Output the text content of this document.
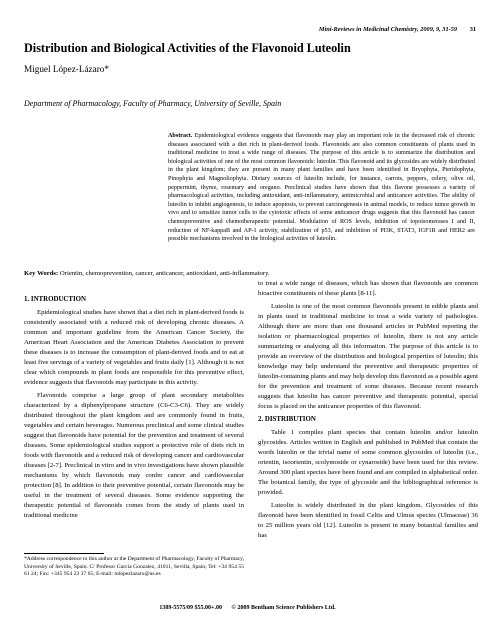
Mini-Reviews in Medicinal Chemistry, 2009, 9, 31-59 31
Distribution and Biological Activities of the Flavonoid Luteolin
Miguel López-Lázaro*
Department of Pharmacology, Faculty of Pharmacy, University of Seville, Spain
Abstract. Epidemiological evidence suggests that flavonoids may play an important role in the decreased risk of chronic diseases associated with a diet rich in plant-derived foods. Flavonoids are also common constituents of plants used in traditional medicine to treat a wide range of diseases. The purpose of this article is to summarize the distribution and biological activities of one of the most common flavonoids: luteolin. This flavonoid and its glycosides are widely distributed in the plant kingdom; they are present in many plant families and have been identified in Bryophyta, Pteridophyta, Pinophyta and Magnoliophyta. Dietary sources of luteolin include, for instance, carrots, peppers, celery, olive oil, peppermint, thyme, rosemary and oregano. Preclinical studies have shown that this flavone possesses a variety of pharmacological activities, including antioxidant, anti-inflammatory, antimicrobial and anticancer activities. The ability of luteolin to inhibit angiogenesis, to induce apoptosis, to prevent carcinogenesis in animal models, to reduce tumor growth in vivo and to sensitize tumor cells to the cytotoxic effects of some anticancer drugs suggests that this flavonoid has cancer chemopreventive and chemotherapeutic potential. Modulation of ROS levels, inhibition of topoisomerases I and II, reduction of NF-kappaB and AP-1 activity, stabilization of p53, and inhibition of PI3K, STAT3, IGF1R and HER2 are possible mechanisms involved in the biological activities of luteolin.
Key Words: Orientin, chemoprevention, cancer, anticancer, antioxidant, anti-inflammatory.
1. INTRODUCTION

Epidemiological studies have shown that a diet rich in plant-derived foods is consistently associated with a reduced risk of developing chronic diseases. A common and important guideline from the American Cancer Society, the American Heart Association and the American Diabetes Association to prevent these diseases is to increase the consumption of plant-derived foods and to eat at least five servings of a variety of vegetables and fruits daily [1]. Although it is not clear which compounds in plant foods are responsible for this preventive effect, evidence suggests that flavonoids may participate in this activity.

Flavonoids comprise a large group of plant secondary metabolites characterized by a diphenylpropane structure (C6-C3-C6). They are widely distributed throughout the plant kingdom and are commonly found in fruits, vegetables and certain beverages. Numerous preclinical and some clinical studies suggest that flavonoids have potential for the prevention and treatment of several diseases. Some epidemiological studies support a protective role of diets rich in foods with flavonoids and a reduced risk of developing cancer and cardiovascular diseases [2-7]. Preclinical in vitro and in vivo investigations have shown plausible mechanisms by which flavonoids may confer cancer and cardiovascular protection [8]. In addition to their preventive potential, certain flavonoids may be useful in the treatment of several diseases. Some evidence supporting the therapeutic potential of flavonoids comes from the study of plants used in traditional medicine

to treat a wide range of diseases, which has shown that flavonoids are common bioactive constituents of these plants [8-11].

Luteolin is one of the most common flavonoids present in edible plants and in plants used in traditional medicine to treat a wide variety of pathologies. Although there are more than one thousand articles in PubMed reporting the isolation or pharmacological properties of luteolin, there is not any article summarizing or analyzing all this information. The purpose of this article is to provide an overview of the distribution and biological properties of luteolin; this knowledge may help understand the preventive and therapeutic properties of luteolin-containing plants and may help develop this flavonoid as a possible agent for the prevention and treatment of some diseases. Because recent research suggests that luteolin has cancer preventive and therapeutic potential, special focus is placed on the anticancer properties of this flavonoid.

2. DISTRIBUTION

Table 1 compiles plant species that contain luteolin and/or luteolin glycosides. Articles written in English and published in PubMed that contain the words luteolin or the trivial name of some common glycosides of luteolin (i.e., orientin, isoorientin, scolymoside or cynaroside) have been used for this review. Around 300 plant species have been found and are compiled in alphabetical order. The botanical family, the type of glycoside and the bibliographical reference is provided.

Luteolin is widely distributed in the plant kingdom. Glycosides of this flavonoid have been identified in fossil Celtis and Ulmus species (Ulmaceae) 36 to 25 million years old [12]. Luteolin is present in many botanical families and has

*Address correspondence to this author at the Department of Pharmacology, Faculty of Pharmacy, University of Seville, Spain. C/ Profesor Garcia Gonzalez, 41011, Sevilla, Spain; Tel: +34 954 55 61 24; Fax: +345 954 23 37 65; E-mail: mlopezlazaro@us.es
1389-5575/09 $55.00+.00 © 2009 Bentham Science Publishers Ltd.
